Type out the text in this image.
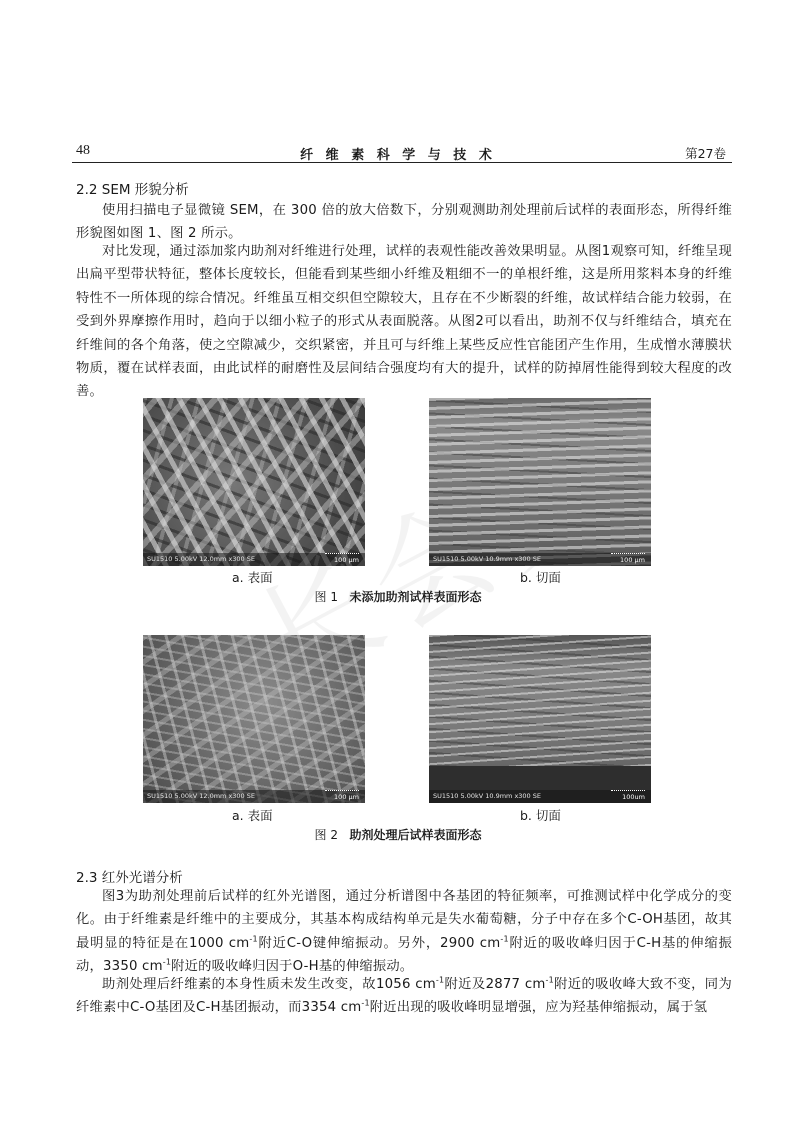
48	纤 维 素 科 学 与 技 术	第27卷
2.2 SEM 形貌分析

使用扫描电子显微镜 SEM，在 300 倍的放大倍数下，分别观测助剂处理前后试样的表面形态，所得纤维形貌图如图 1、图 2 所示。

对比发现，通过添加浆内助剂对纤维进行处理，试样的表观性能改善效果明显。从图1观察可知，纤维呈现出扁平型带状特征，整体长度较长，但能看到某些细小纤维及粗细不一的单根纤维，这是所用浆料本身的纤维特性不一所体现的综合情况。纤维虽互相交织但空隙较大，且存在不少断裂的纤维，故试样结合能力较弱，在受到外界摩擦作用时，趋向于以细小粒子的形式从表面脱落。从图2可以看出，助剂不仅与纤维结合，填充在纤维间的各个角落，使之空隙减少，交织紧密，并且可与纤维上某些反应性官能团产生作用，生成憎水薄膜状物质，覆在试样表面，由此试样的耐磨性及层间结合强度均有大的提升，试样的防掉屑性能得到较大程度的改善。

SU1510 5.00kV 12.0mm x300 SE	100 µm	SU1510 5.00kV 10.9mm x300 SE	100 µm
a. 表面	b. 切面
图 1 未添加助剂试样表面形态
SU1510 5.00kV 12.0mm x300 SE	100 µm	SU1510 5.00kV 10.9mm x300 SE	100um
a. 表面	b. 切面
图 2 助剂处理后试样表面形态
2.3 红外光谱分析

图3为助剂处理前后试样的红外光谱图，通过分析谱图中各基团的特征频率，可推测试样中化学成分的变化。由于纤维素是纤维中的主要成分，其基本构成结构单元是失水葡萄糖，分子中存在多个C-OH基团，故其最明显的特征是在1000 $cm^{-1}$附近C-O键伸缩振动。另外，2900 $cm^{-1}$附近的吸收峰归因于C-H基的伸缩振动，3350 $cm^{-1}$附近的吸收峰归因于O-H基的伸缩振动。

助剂处理后纤维素的本身性质未发生改变，故1056 $cm^{-1}$附近及2877 $cm^{-1}$附近的吸收峰大致不变，同为纤维素中C-O基团及C-H基团振动，而3354 $cm^{-1}$附近出现的吸收峰明显增强，应为羟基伸缩振动，属于氢
